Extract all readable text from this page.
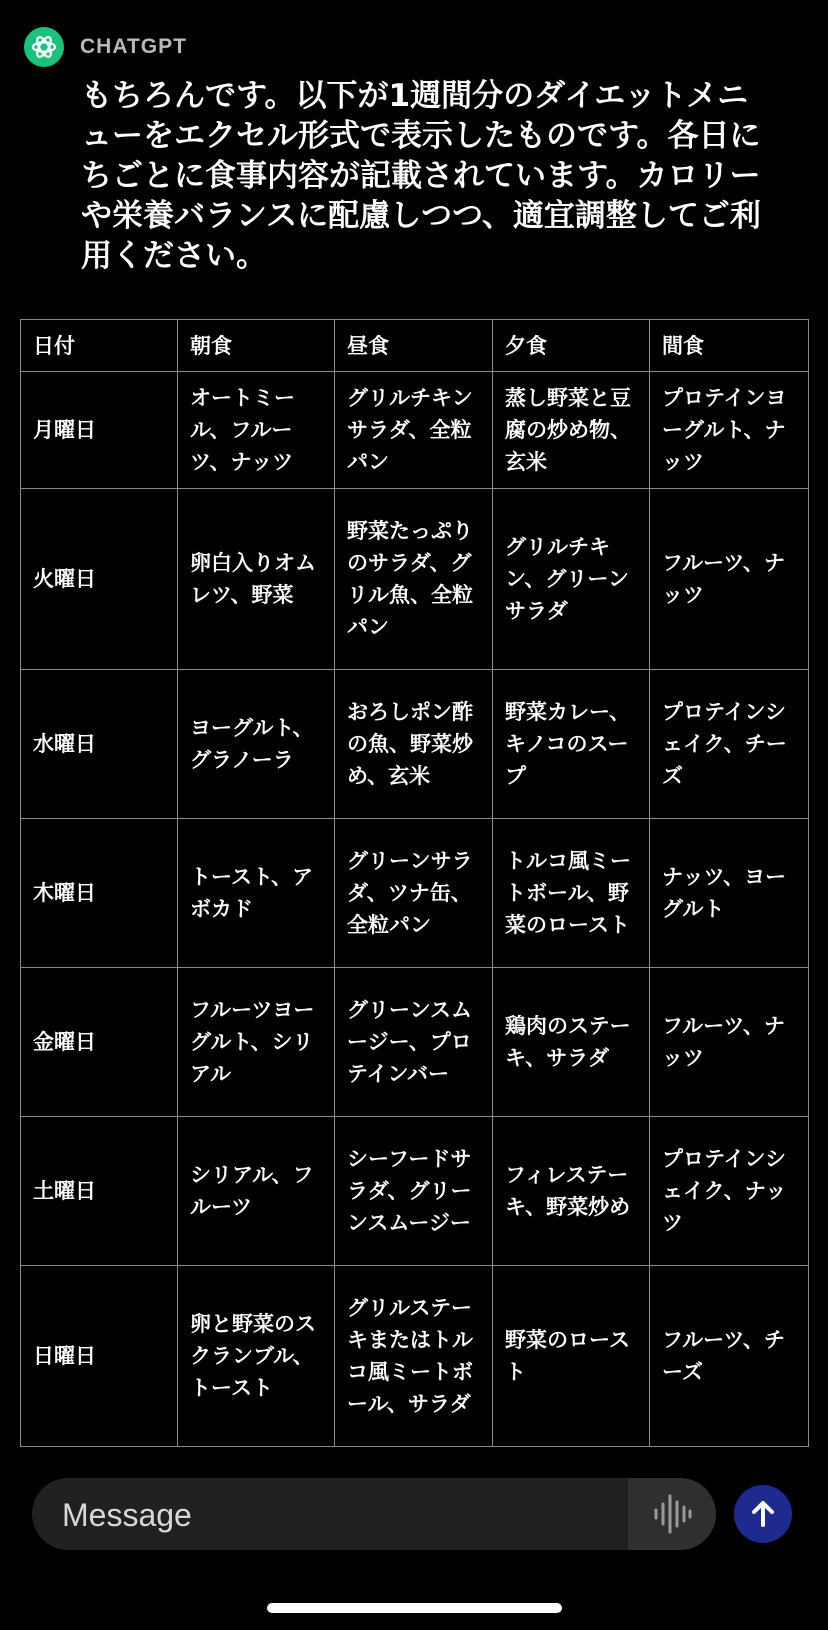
CHATGPT

もちろんです。以下が1週間分のダイエットメニューをエクセル形式で表示したものです。各日にちごとに食事内容が記載されています。カロリーや栄養バランスに配慮しつつ、適宜調整してご利用ください。

日付	朝食	昼食	夕食	間食
月曜日	オートミール、フルーツ、ナッツ	グリルチキンサラダ、全粒パン	蒸し野菜と豆腐の炒め物、玄米	プロテインヨーグルト、ナッツ
火曜日	卵白入りオムレツ、野菜	野菜たっぷりのサラダ、グリル魚、全粒パン	グリルチキン、グリーンサラダ	フルーツ、ナッツ
水曜日	ヨーグルト、グラノーラ	おろしポン酢の魚、野菜炒め、玄米	野菜カレー、キノコのスープ	プロテインシェイク、チーズ
木曜日	トースト、アボカド	グリーンサラダ、ツナ缶、全粒パン	トルコ風ミートボール、野菜のロースト	ナッツ、ヨーグルト
金曜日	フルーツヨーグルト、シリアル	グリーンスムージー、プロテインバー	鶏肉のステーキ、サラダ	フルーツ、ナッツ
土曜日	シリアル、フルーツ	シーフードサラダ、グリーンスムージー	フィレステーキ、野菜炒め	プロテインシェイク、ナッツ
日曜日	卵と野菜のスクランブル、トースト	グリルステーキまたはトルコ風ミートボール、サラダ	野菜のロースト	フルーツ、チーズ
Message
